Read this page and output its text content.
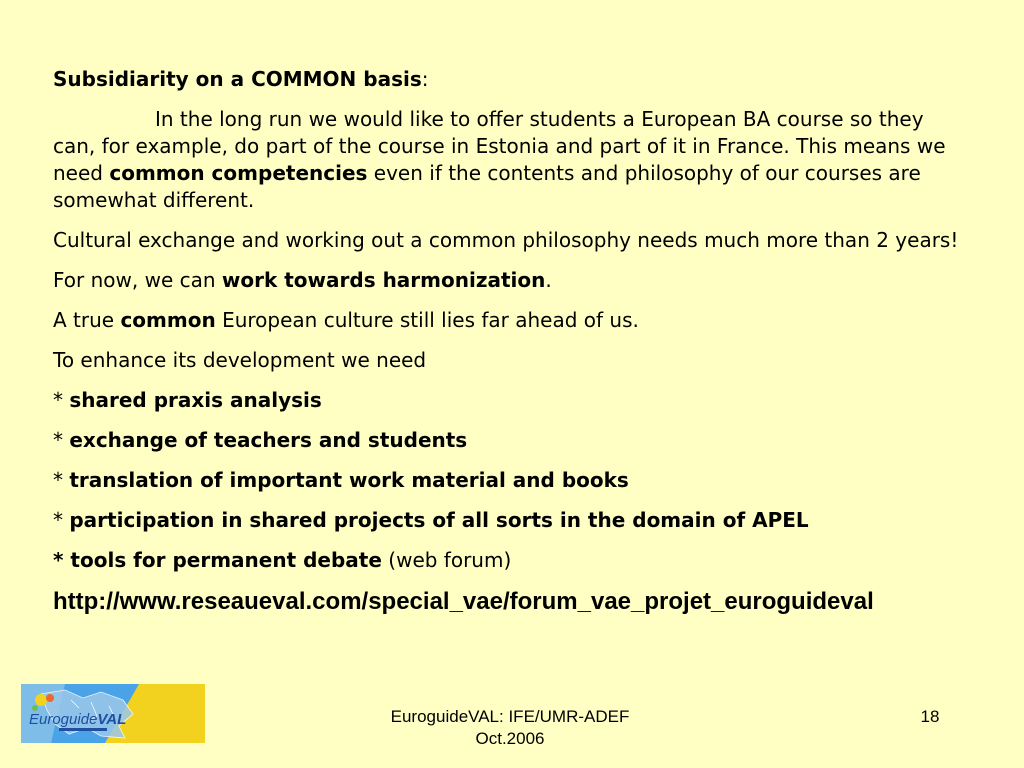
Subsidiarity on a COMMON basis:

In the long run we would like to offer students a European BA course so they can, for example, do part of the course in Estonia and part of it in France. This means we need common competencies even if the contents and philosophy of our courses are somewhat different.

Cultural exchange and working out a common philosophy needs much more than 2 years!

For now, we can work towards harmonization.

A true common European culture still lies far ahead of us.

To enhance its development we need

* shared praxis analysis

* exchange of teachers and students

* translation of important work material and books

* participation in shared projects of all sorts in the domain of APEL

* tools for permanent debate (web forum)

http://www.reseaueval.com/special_vae/forum_vae_projet_euroguideval

EuroguideVAL	EuroguideVAL: IFE/UMR-ADEF
Oct.2006
18
